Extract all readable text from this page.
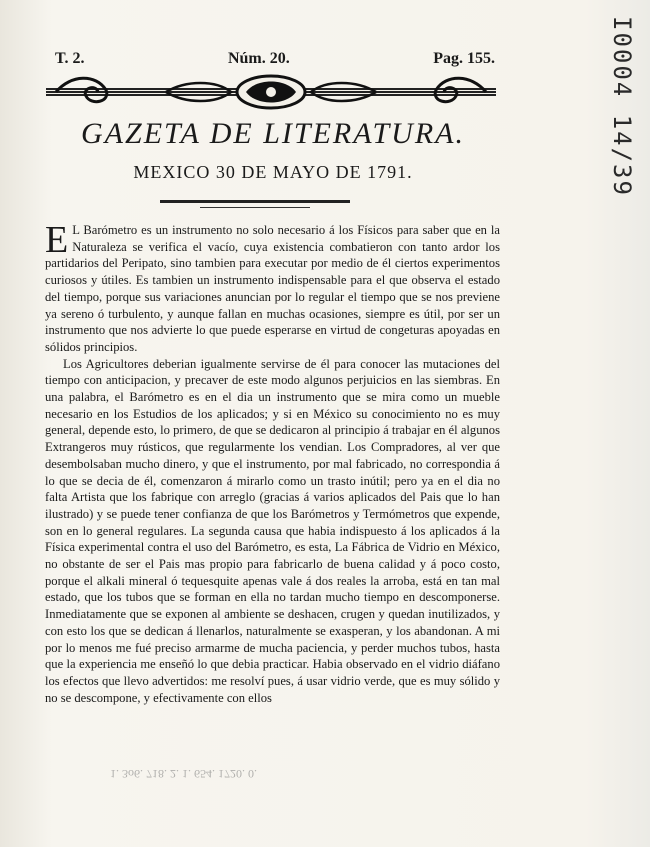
T. 2.	Núm. 20.	Pag. 155.
GAZETA DE LITERATURA.
MEXICO 30 DE MAYO DE 1791.

E L Barómetro es un instrumento no solo necesario á los Físicos para saber que en la Naturaleza se verifica el vacío, cuya existencia combatieron con tanto ardor los partidarios del Peripato, sino tambien para executar por medio de él ciertos experimentos curiosos y útiles. Es tambien un instrumento indispensable para el que observa el estado del tiempo, porque sus variaciones anuncian por lo regular el tiempo que se nos previene ya sereno ó turbulento, y aunque fallan en muchas ocasiones, siempre es útil, por ser un instrumento que nos advierte lo que puede esperarse en virtud de congeturas apoyadas en sólidos principios.

Los Agricultores deberian igualmente servirse de él para conocer las mutaciones del tiempo con anticipacion, y precaver de este modo algunos perjuicios en las siembras. En una palabra, el Barómetro es en el dia un instrumento que se mira como un mueble necesario en los Estudios de los aplicados; y si en México su conocimiento no es muy general, depende esto, lo primero, de que se dedicaron al principio á trabajar en él algunos Extrangeros muy rústicos, que regularmente los vendian. Los Compradores, al ver que desembolsaban mucho dinero, y que el instrumento, por mal fabricado, no correspondia á lo que se decia de él, comenzaron á mirarlo como un trasto inútil; pero ya en el dia no falta Artista que los fabrique con arreglo (gracias á varios aplicados del Pais que lo han ilustrado) y se puede tener confianza de que los Barómetros y Termómetros que expende, son en lo general regulares. La segunda causa que habia indispuesto á los aplicados á la Física experimental contra el uso del Barómetro, es esta, La Fábrica de Vidrio en México, no obstante de ser el Pais mas propio para fabricarlo de buena calidad y á poco costo, porque el alkali mineral ó tequesquite apenas vale á dos reales la arroba, está en tan mal estado, que los tubos que se forman en ella no tardan mucho tiempo en descomponerse. Inmediatamente que se exponen al ambiente se deshacen, crugen y quedan inutilizados, y con esto los que se dedican á llenarlos, naturalmente se exasperan, y los abandonan. A mi por lo menos me fué preciso armarme de mucha paciencia, y perder muchos tubos, hasta que la experiencia me enseñó lo que debia practicar. Habia observado en el vidrio diáfano los efectos que llevo advertidos: me resolví pues, á usar vidrio verde, que es muy sólido y no se descompone, y efectivamente con ellos

1. 3o6. 718. 2. 1. 654. 1720. 0.
I0004 14/39
